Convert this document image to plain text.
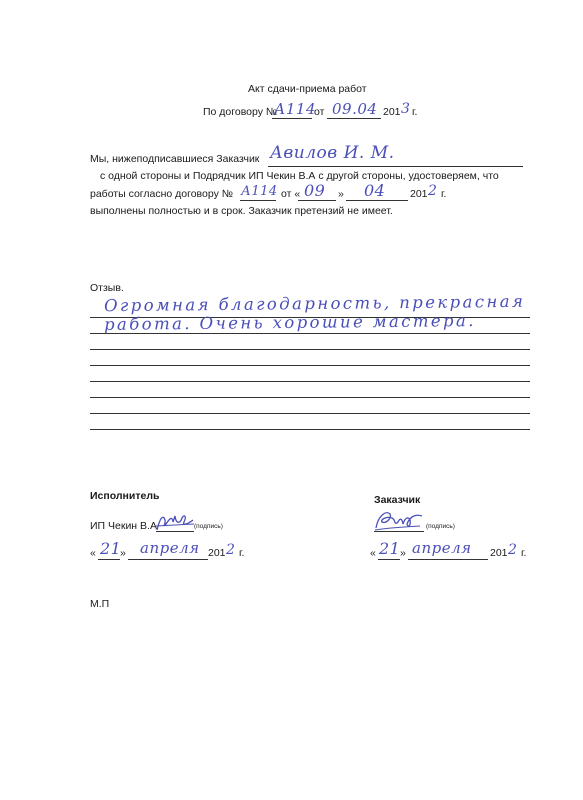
Акт сдачи-приема работ
По договору №
А114
от 09.04 201 3 г.
Мы, нижеподписавшиеся Заказчик Авилов И. М.
с одной стороны и Подрядчик ИП Чекин В.А с другой стороны, удостоверяем, что
работы согласно договору № А114 от « 09 » 04 201 2 г.
выполнены полностью и в срок. Заказчик претензий не имеет.
Отзыв.
Огромная благодарность, прекрасная
работа. Очень хорошие мастера.
Исполнитель
ИП Чекин В.А	(подпись)
« 21
» апреля 201 2 г.
Заказчик
(подпись)
« 21 » апреля 201 2 г.
М.П
